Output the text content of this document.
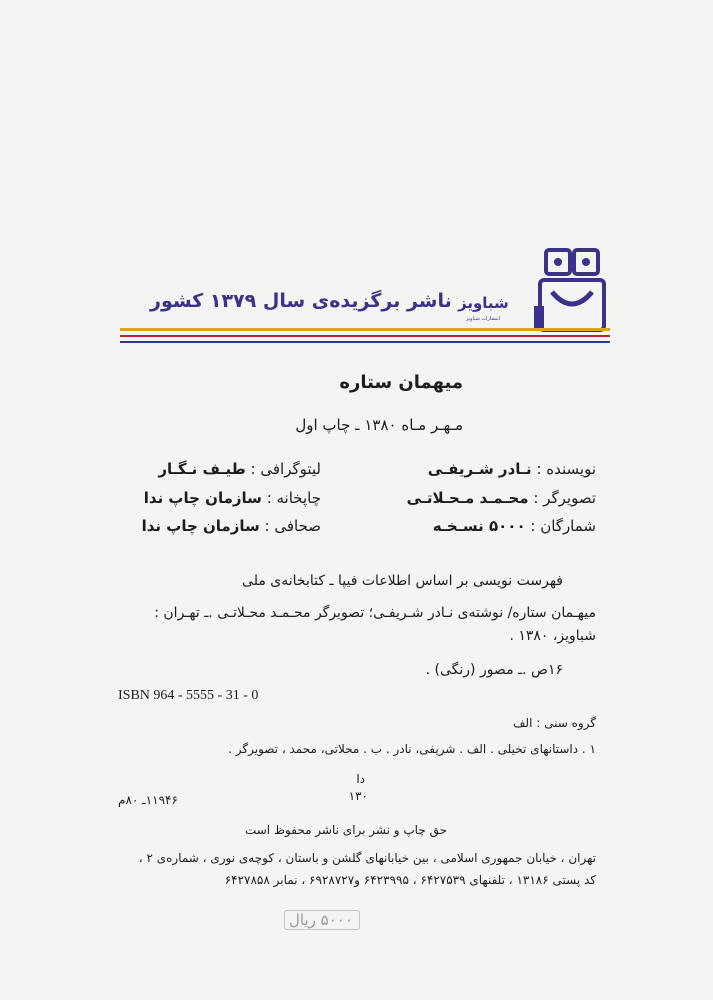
شباویز
انتشارات شباویز
ناشر برگزیده‌ی سال ۱۳۷۹ کشور
میهمان ستاره
مـهـر مـاه ۱۳۸۰ ـ چاپ اول
نویسنده : نـادر شـریفـی
تصویرگر : محـمـد مـحـلاتـی
شمارگان : ۵۰۰۰ نسـخـه
لیتوگرافی : طیـف نـگـار
چاپخانه : سازمان چاپ ندا
صحافی : سازمان چاپ ندا
فهرست نویسی بر اساس اطلاعات فیپا ـ کتابخانه‌ی ملی
میهـمان ستاره/ نوشته‌ی نـادر شـریفـی؛ تصویرگر محـمـد محـلاتـی .ـ تهـران :
شباویز، ۱۳۸۰ .
۱۶ص .ـ مصور (رنگی) .
ISBN 964 - 5555 - 31 - 0
گروه سنی : الف
۱ . داستانهای تخیلی . الف . شریفی، نادر . ب . محلاتی، محمد ، تصویرگر .
دا
۱۳۰
۱۱۹۴۶ـ ۸۰م
حق چاپ و نشر برای ناشر محفوظ است
تهران ، خیابان جمهوری اسلامی ، بین خیابانهای گلشن و باستان ، کوچه‌ی نوری ، شماره‌ی ۲ ،
کد پستی ۱۳۱۸۶ ، تلفنهای ۶۴۲۷۵۳۹ ، ۶۴۲۳۹۹۵ و۶۹۲۸۷۲۷ ، نمابر ۶۴۲۷۸۵۸
۵۰۰۰ ریال
